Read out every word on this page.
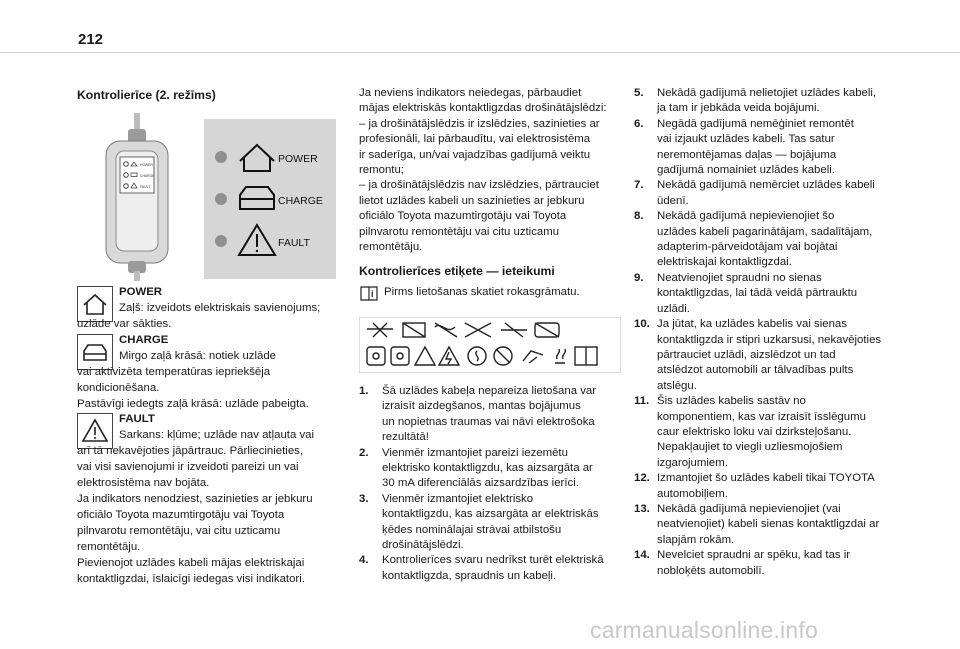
212
Kontrolierīce (2. režīms)
POWER
CHARGE
FAULT
POWER
CHARGE
FAULT
POWER
Zaļš: izveidots elektriskais savienojums;
uzlāde var sākties.
CHARGE
Mirgo zaļā krāsā: notiek uzlāde
vai aktivizēta temperatūras iepriekšēja
kondicionēšana.
Pastāvīgi iedegts zaļā krāsā: uzlāde pabeigta.
FAULT
Sarkans: kļūme; uzlāde nav atļauta vai
arī tā nekavējoties jāpārtrauc. Pārliecinieties,
vai visi savienojumi ir izveidoti pareizi un vai
elektrosistēma nav bojāta.
Ja indikators nenodziest, sazinieties ar jebkuru
oficiālo Toyota mazumtirgotāju vai Toyota
pilnvarotu remontētāju, vai citu uzticamu
remontētāju.
Pievienojot uzlādes kabeli mājas elektriskajai
kontaktligzdai, īslaicīgi iedegas visi indikatori.
Ja neviens indikators neiedegas, pārbaudiet
mājas elektriskās kontaktligzdas drošinātājslēdzi:
– ja drošinātājslēdzis ir izslēdzies, sazinieties ar
profesionāli, lai pārbaudītu, vai elektrosistēma
ir saderīga, un/vai vajadzības gadījumā veiktu
remontu;
– ja drošinātājslēdzis nav izslēdzies, pārtrauciet
lietot uzlādes kabeli un sazinieties ar jebkuru
oficiālo Toyota mazumtirgotāju vai Toyota
pilnvarotu remontētāju vai citu uzticamu
remontētāju.
Kontrolierīces etiķete — ieteikumi
i Pirms lietošanas skatiet rokasgrāmatu.
1. Šā uzlādes kabeļa nepareiza lietošana var
izraisīt aizdegšanos, mantas bojājumus
un nopietnas traumas vai nāvi elektrošoka
rezultātā!
2. Vienmēr izmantojiet pareizi iezemētu
elektrisko kontaktligzdu, kas aizsargāta ar
30 mA diferenciālās aizsardzības ierīci.
3. Vienmēr izmantojiet elektrisko
kontaktligzdu, kas aizsargāta ar elektriskās
ķēdes nominālajai strāvai atbilstošu
drošinātājslēdzi.
4. Kontrolierīces svaru nedrīkst turēt elektriskā
kontaktligzda, spraudnis un kabeļi.
5. Nekādā gadījumā nelietojiet uzlādes kabeli,
ja tam ir jebkāda veida bojājumi.
6. Negādā gadījumā nemēģiniet remontēt
vai izjaukt uzlādes kabeli. Tas satur
neremontējamas daļas — bojājuma
gadījumā nomainiet uzlādes kabeli.
7. Nekādā gadījumā nemērciet uzlādes kabeli
ūdenī.
8. Nekādā gadījumā nepievienojiet šo
uzlādes kabeli pagarinātājam, sadalītājam,
adapterim-pārveidotājam vai bojātai
elektriskajai kontaktligzdai.
9. Neatvienojiet spraudni no sienas
kontaktligzdas, lai tādā veidā pārtrauktu
uzlādi.
10. Ja jūtat, ka uzlādes kabelis vai sienas
kontaktligzda ir stipri uzkarsusi, nekavējoties
pārtrauciet uzlādi, aizslēdzot un tad
atslēdzot automobili ar tālvadības pults
atslēgu.
11. Šis uzlādes kabelis sastāv no
komponentiem, kas var izraisīt īsslēgumu
caur elektrisko loku vai dzirksteļošanu.
Nepakļaujiet to viegli uzliesmojošiem
izgarojumiem.
12. Izmantojiet šo uzlādes kabeli tikai TOYOTA
automobiļiem.
13. Nekādā gadījumā nepievienojiet (vai
neatvienojiet) kabeli sienas kontaktligzdai ar
slapjām rokām.
14. Nevelciet spraudni ar spēku, kad tas ir
nobloķēts automobilī.
carmanualsonline.info
